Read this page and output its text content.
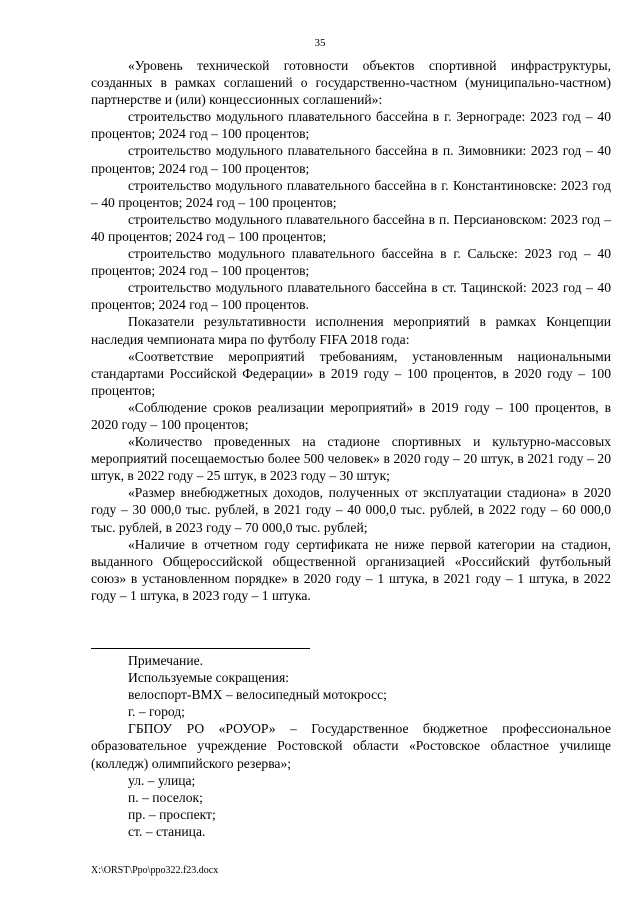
35

«Уровень технической готовности объектов спортивной инфраструктуры, созданных в рамках соглашений о государственно-частном (муниципально-частном) партнерстве и (или) концессионных соглашений»:

строительство модульного плавательного бассейна в г. Зернограде: 2023 год – 40 процентов; 2024 год – 100 процентов;

строительство модульного плавательного бассейна в п. Зимовники: 2023 год – 40 процентов; 2024 год – 100 процентов;

строительство модульного плавательного бассейна в г. Константиновске: 2023 год – 40 процентов; 2024 год – 100 процентов;

строительство модульного плавательного бассейна в п. Персиановском: 2023 год – 40 процентов; 2024 год – 100 процентов;

строительство модульного плавательного бассейна в г. Сальске: 2023 год – 40 процентов; 2024 год – 100 процентов;

строительство модульного плавательного бассейна в ст. Тацинской: 2023 год – 40 процентов; 2024 год – 100 процентов.

Показатели результативности исполнения мероприятий в рамках Концепции наследия чемпионата мира по футболу FIFA 2018 года:

«Соответствие мероприятий требованиям, установленным национальными стандартами Российской Федерации» в 2019 году – 100 процентов, в 2020 году – 100 процентов;

«Соблюдение сроков реализации мероприятий» в 2019 году – 100 процентов, в 2020 году – 100 процентов;

«Количество проведенных на стадионе спортивных и культурно-массовых мероприятий посещаемостью более 500 человек» в 2020 году – 20 штук, в 2021 году – 20 штук, в 2022 году – 25 штук, в 2023 году – 30 штук;

«Размер внебюджетных доходов, полученных от эксплуатации стадиона» в 2020 году – 30 000,0 тыс. рублей, в 2021 году – 40 000,0 тыс. рублей, в 2022 году – 60 000,0 тыс. рублей, в 2023 году – 70 000,0 тыс. рублей;

«Наличие в отчетном году сертификата не ниже первой категории на стадион, выданного Общероссийской общественной организацией «Российский футбольный союз» в установленном порядке» в 2020 году – 1 штука, в 2021 году – 1 штука, в 2022 году – 1 штука, в 2023 году – 1 штука.

Примечание.

Используемые сокращения:

велоспорт-ВМХ – велосипедный мотокросс;

г. – город;

ГБПОУ РО «РОУОР» – Государственное бюджетное профессиональное образовательное учреждение Ростовской области «Ростовское областное училище (колледж) олимпийского резерва»;

ул. – улица;

п. – поселок;

пр. – проспект;

ст. – станица.

X:\ORST\Ppo\ppo322.f23.docx
